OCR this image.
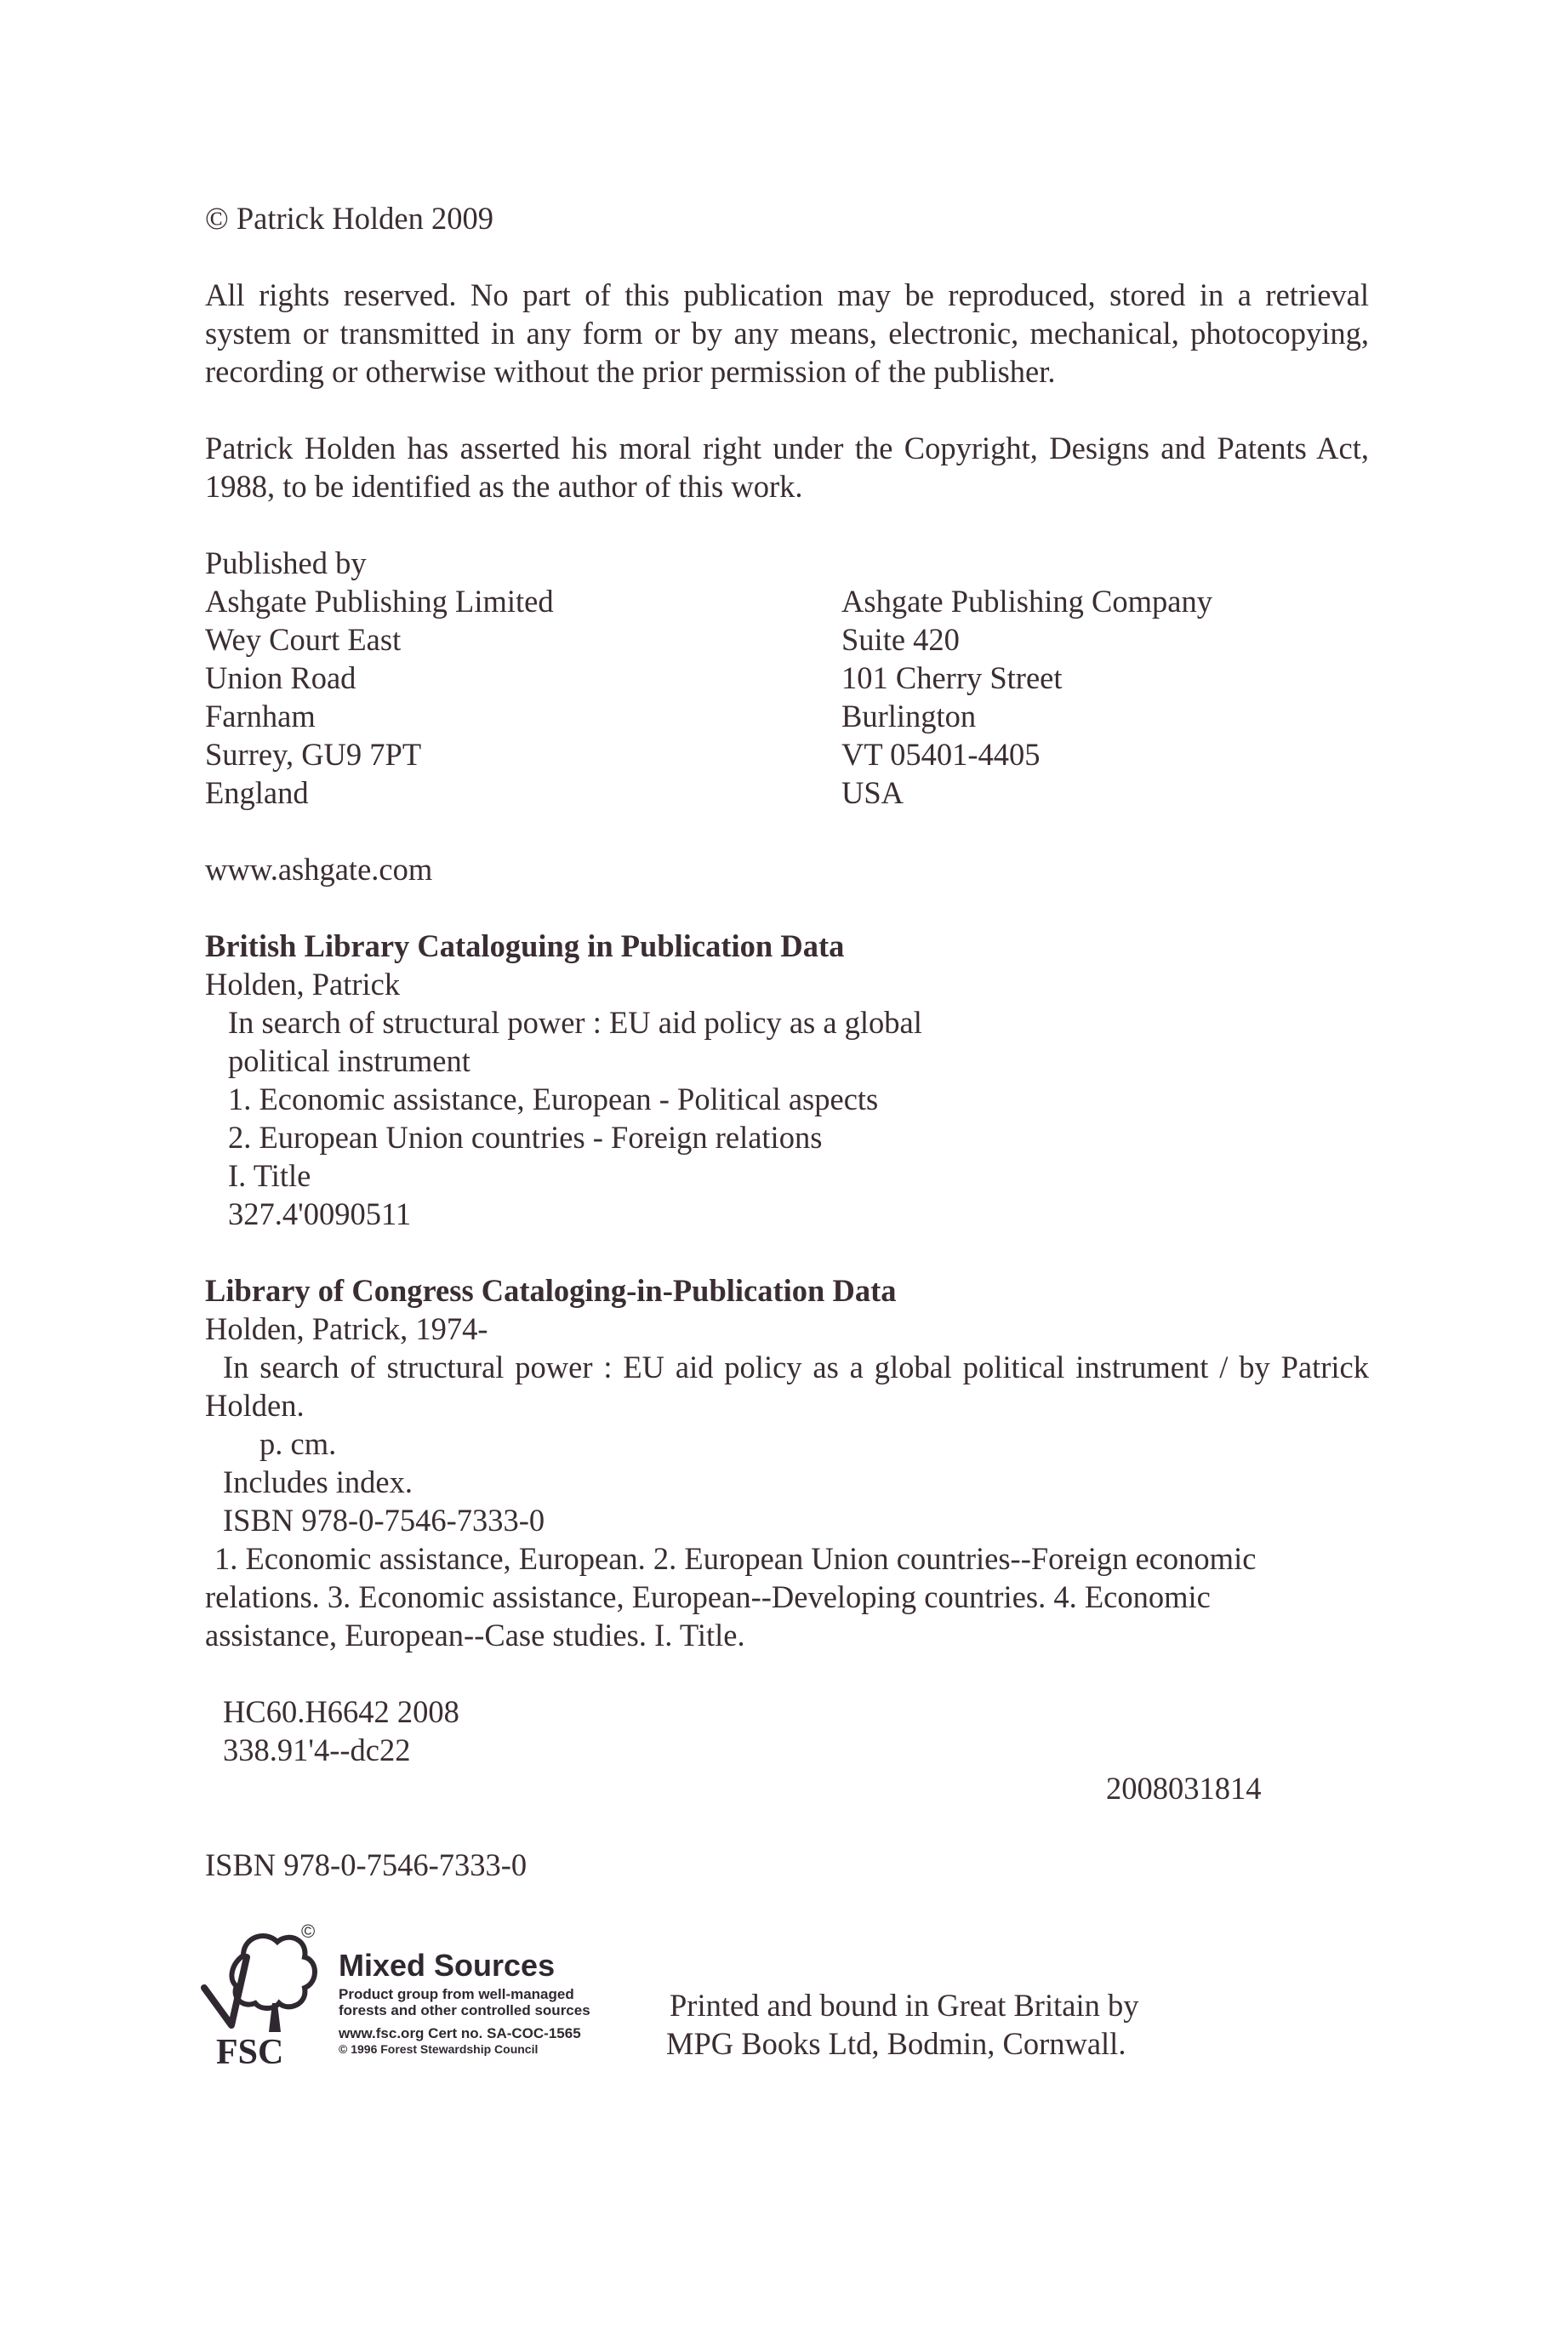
© Patrick Holden 2009
All rights reserved. No part of this publication may be reproduced, stored in a retrieval
system or transmitted in any form or by any means, electronic, mechanical, photocopying,
recording or otherwise without the prior permission of the publisher.
Patrick Holden has asserted his moral right under the Copyright, Designs and Patents Act,
1988, to be identified as the author of this work.
Published by
Ashgate Publishing Limited
Wey Court East
Union Road
Farnham
Surrey, GU9 7PT
England
Ashgate Publishing Company
Suite 420
101 Cherry Street
Burlington
VT 05401-4405
USA
www.ashgate.com
British Library Cataloguing in Publication Data
Holden, Patrick
In search of structural power : EU aid policy as a global
political instrument
1. Economic assistance, European - Political aspects
2. European Union countries - Foreign relations
I. Title
327.4'0090511
Library of Congress Cataloging-in-Publication Data
Holden, Patrick, 1974-
In search of structural power : EU aid policy as a global political instrument / by Patrick
Holden.
p. cm.
Includes index.
ISBN 978-0-7546-7333-0
1. Economic assistance, European. 2. European Union countries--Foreign economic
relations. 3. Economic assistance, European--Developing countries. 4. Economic
assistance, European--Case studies. I. Title.
HC60.H6642 2008
338.91'4--dc22
2008031814
ISBN 978-0-7546-7333-0
FSC
©
Mixed Sources
Product group from well-managed
forests and other controlled sources
www.fsc.org Cert no. SA-COC-1565
© 1996 Forest Stewardship Council
Printed and bound in Great Britain by
MPG Books Ltd, Bodmin, Cornwall.
